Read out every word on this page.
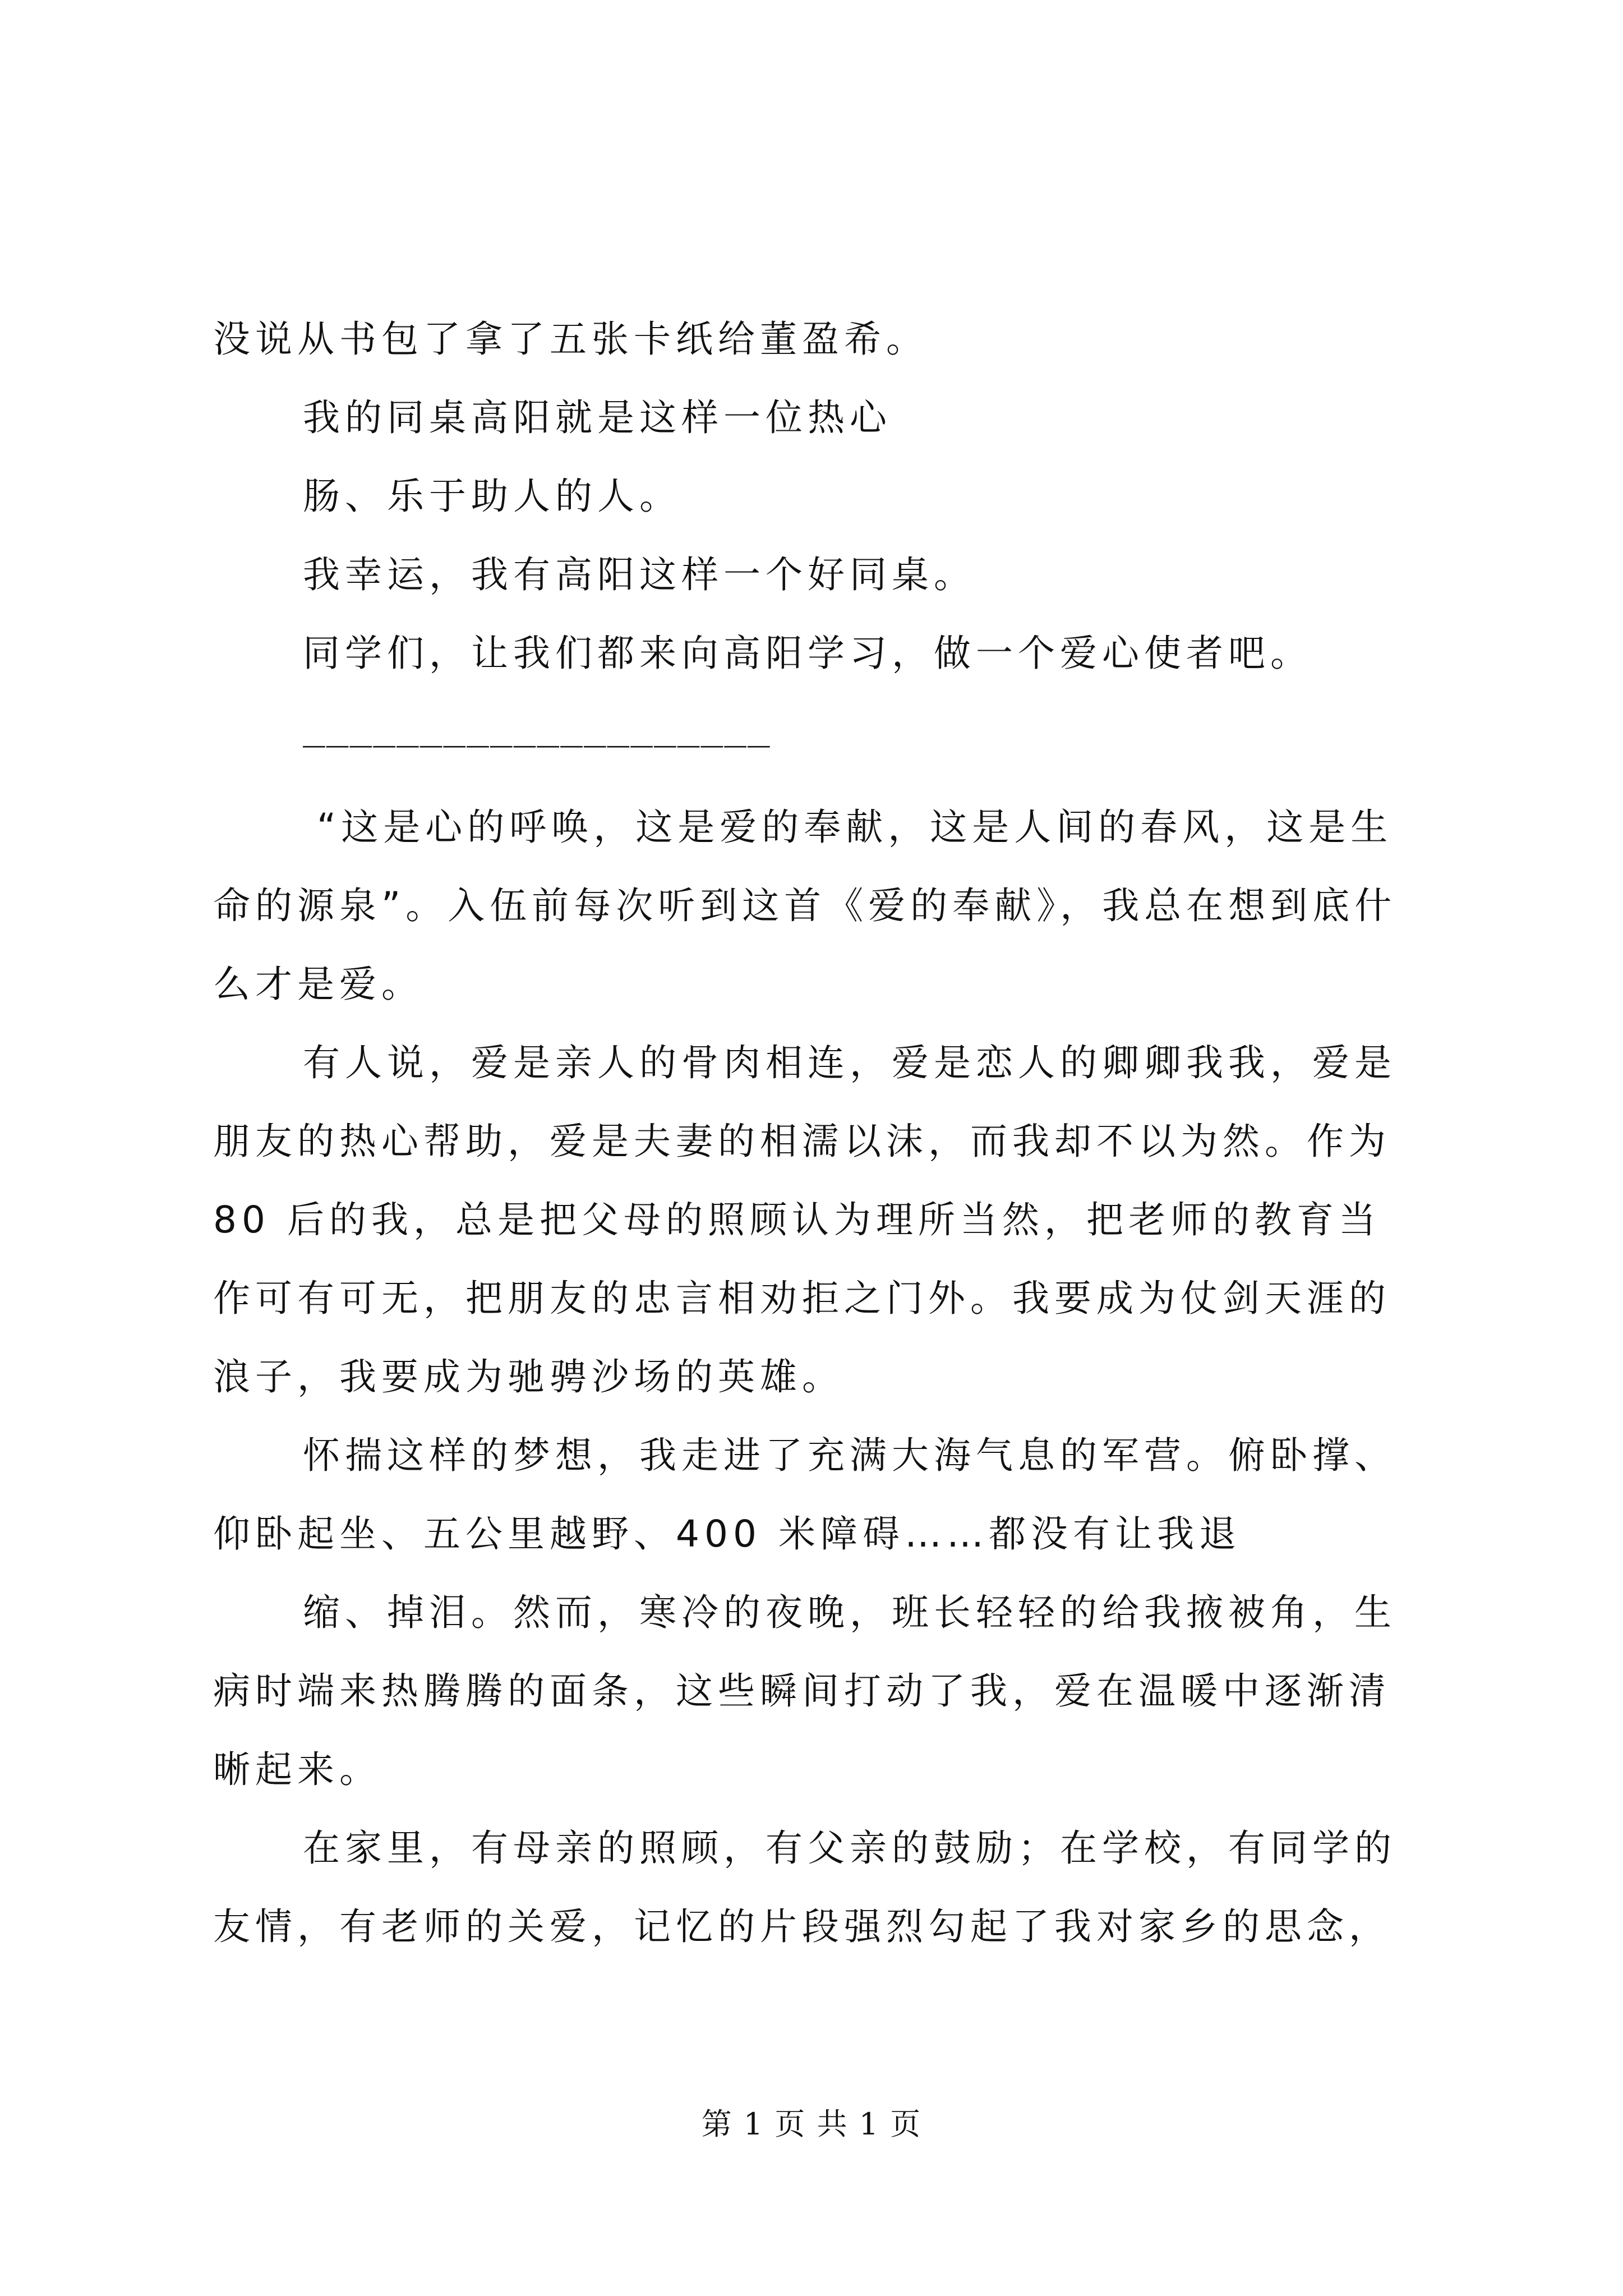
没说从书包了拿了五张卡纸给董盈希。
我的同桌高阳就是这样一位热心
肠、乐于助人的人。
我幸运，我有高阳这样一个好同桌。
同学们，让我们都来向高阳学习，做一个爱心使者吧。
____________________
“这是心的呼唤，这是爱的奉献，这是人间的春风，这是生
命的源泉”。入伍前每次听到这首《爱的奉献》，我总在想到底什
么才是爱。
有人说，爱是亲人的骨肉相连，爱是恋人的卿卿我我，爱是
朋友的热心帮助，爱是夫妻的相濡以沫，而我却不以为然。作为
80 后的我，总是把父母的照顾认为理所当然，把老师的教育当
作可有可无，把朋友的忠言相劝拒之门外。我要成为仗剑天涯的
浪子，我要成为驰骋沙场的英雄。
怀揣这样的梦想，我走进了充满大海气息的军营。俯卧撑、
仰卧起坐、五公里越野、400 米障碍……都没有让我退
缩、掉泪。然而，寒冷的夜晚，班长轻轻的给我掖被角，生
病时端来热腾腾的面条，这些瞬间打动了我，爱在温暖中逐渐清
晰起来。
在家里，有母亲的照顾，有父亲的鼓励；在学校，有同学的
友情，有老师的关爱，记忆的片段强烈勾起了我对家乡的思念，
第 1 页 共 1 页
